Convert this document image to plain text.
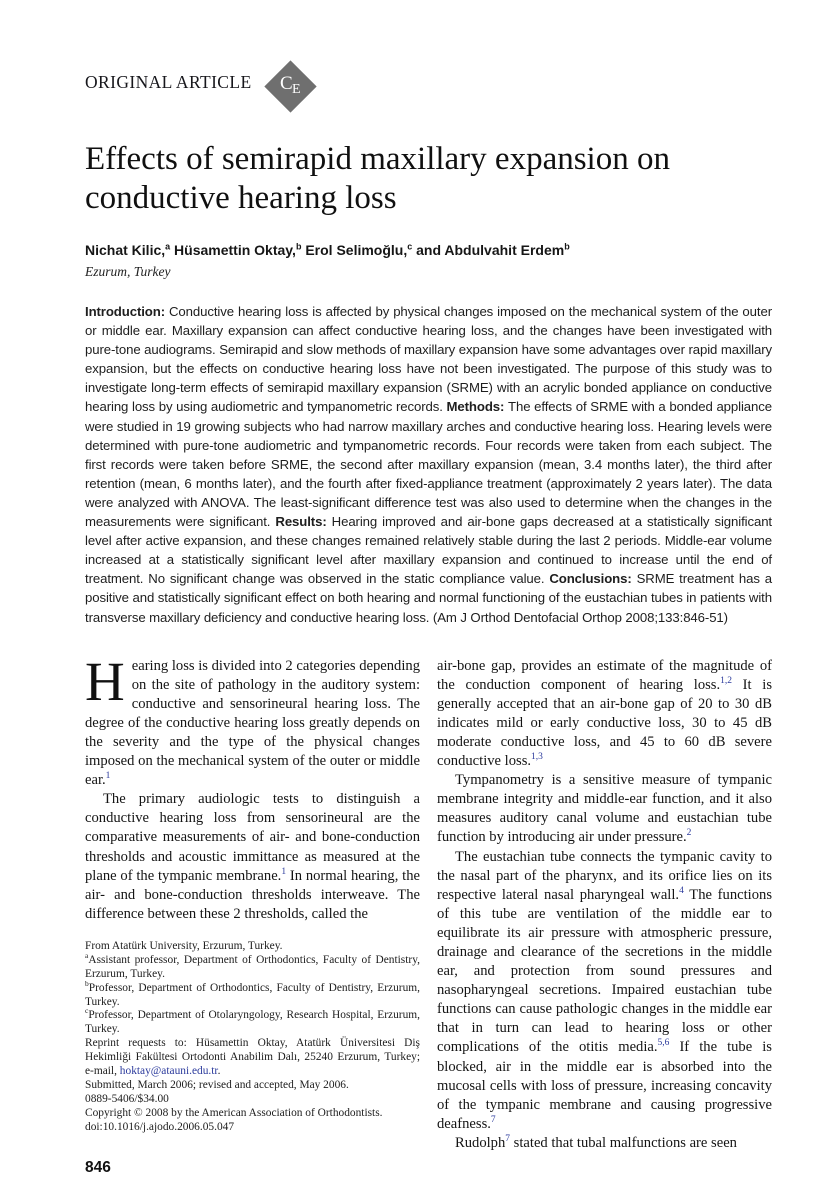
ORIGINAL ARTICLE C E
Effects of semirapid maxillary expansion on conductive hearing loss
Nichat Kilic,$^a$ Hüsamettin Oktay,$^b$ Erol Selimoğlu,$^c$ and Abdulvahit Erdem$^b$
Ezurum, Turkey
Introduction: Conductive hearing loss is affected by physical changes imposed on the mechanical system of the outer or middle ear. Maxillary expansion can affect conductive hearing loss, and the changes have been investigated with pure-tone audiograms. Semirapid and slow methods of maxillary expansion have some advantages over rapid maxillary expansion, but the effects on conductive hearing loss have not been investigated. The purpose of this study was to investigate long-term effects of semirapid maxillary expansion (SRME) with an acrylic bonded appliance on conductive hearing loss by using audiometric and tympanometric records. Methods: The effects of SRME with a bonded appliance were studied in 19 growing subjects who had narrow maxillary arches and conductive hearing loss. Hearing levels were determined with pure-tone audiometric and tympanometric records. Four records were taken from each subject. The first records were taken before SRME, the second after maxillary expansion (mean, 3.4 months later), the third after retention (mean, 6 months later), and the fourth after fixed-appliance treatment (approximately 2 years later). The data were analyzed with ANOVA. The least-significant difference test was also used to determine when the changes in the measurements were significant. Results: Hearing improved and air-bone gaps decreased at a statistically significant level after active expansion, and these changes remained relatively stable during the last 2 periods. Middle-ear volume increased at a statistically significant level after maxillary expansion and continued to increase until the end of treatment. No significant change was observed in the static compliance value. Conclusions: SRME treatment has a positive and statistically significant effect on both hearing and normal functioning of the eustachian tubes in patients with transverse maxillary deficiency and conductive hearing loss. (Am J Orthod Dentofacial Orthop 2008;133:846-51)

Hearing loss is divided into 2 categories depending on the site of pathology in the auditory system: conductive and sensorineural hearing loss. The degree of the conductive hearing loss greatly depends on the severity and the type of the physical changes imposed on the mechanical system of the outer or middle ear.$^1$

The primary audiologic tests to distinguish a conductive hearing loss from sensorineural are the comparative measurements of air- and bone-conduction thresholds and acoustic immittance as measured at the plane of the tympanic membrane.$^1$ In normal hearing, the air- and bone-conduction thresholds interweave. The difference between these 2 thresholds, called the

From Atatürk University, Erzurum, Turkey.

$^a$Assistant professor, Department of Orthodontics, Faculty of Dentistry, Erzurum, Turkey.

$^b$Professor, Department of Orthodontics, Faculty of Dentistry, Erzurum, Turkey.

$^c$Professor, Department of Otolaryngology, Research Hospital, Erzurum, Turkey.

Reprint requests to: Hüsamettin Oktay, Atatürk Üniversitesi Diş Hekimliği Fakültesi Ortodonti Anabilim Dalı, 25240 Erzurum, Turkey; e-mail, hoktay@atauni.edu.tr.

Submitted, March 2006; revised and accepted, May 2006.

0889-5406/$34.00

Copyright © 2008 by the American Association of Orthodontists.

doi:10.1016/j.ajodo.2006.05.047

846

air-bone gap, provides an estimate of the magnitude of the conduction component of hearing loss.$^{1,2}$ It is generally accepted that an air-bone gap of 20 to 30 dB indicates mild or early conductive loss, 30 to 45 dB moderate conductive loss, and 45 to 60 dB severe conductive loss.$^{1,3}$

Tympanometry is a sensitive measure of tympanic membrane integrity and middle-ear function, and it also measures auditory canal volume and eustachian tube function by introducing air under pressure.$^2$

The eustachian tube connects the tympanic cavity to the nasal part of the pharynx, and its orifice lies on its respective lateral nasal pharyngeal wall.$^4$ The functions of this tube are ventilation of the middle ear to equilibrate its air pressure with atmospheric pressure, drainage and clearance of the secretions in the middle ear, and protection from sound pressures and nasopharyngeal secretions. Impaired eustachian tube functions can cause pathologic changes in the middle ear that in turn can lead to hearing loss or other complications of the otitis media.$^{5,6}$ If the tube is blocked, air in the middle ear is absorbed into the mucosal cells with loss of pressure, increasing concavity of the tympanic membrane and causing progressive deafness.$^7$

Rudolph$^7$ stated that tubal malfunctions are seen
